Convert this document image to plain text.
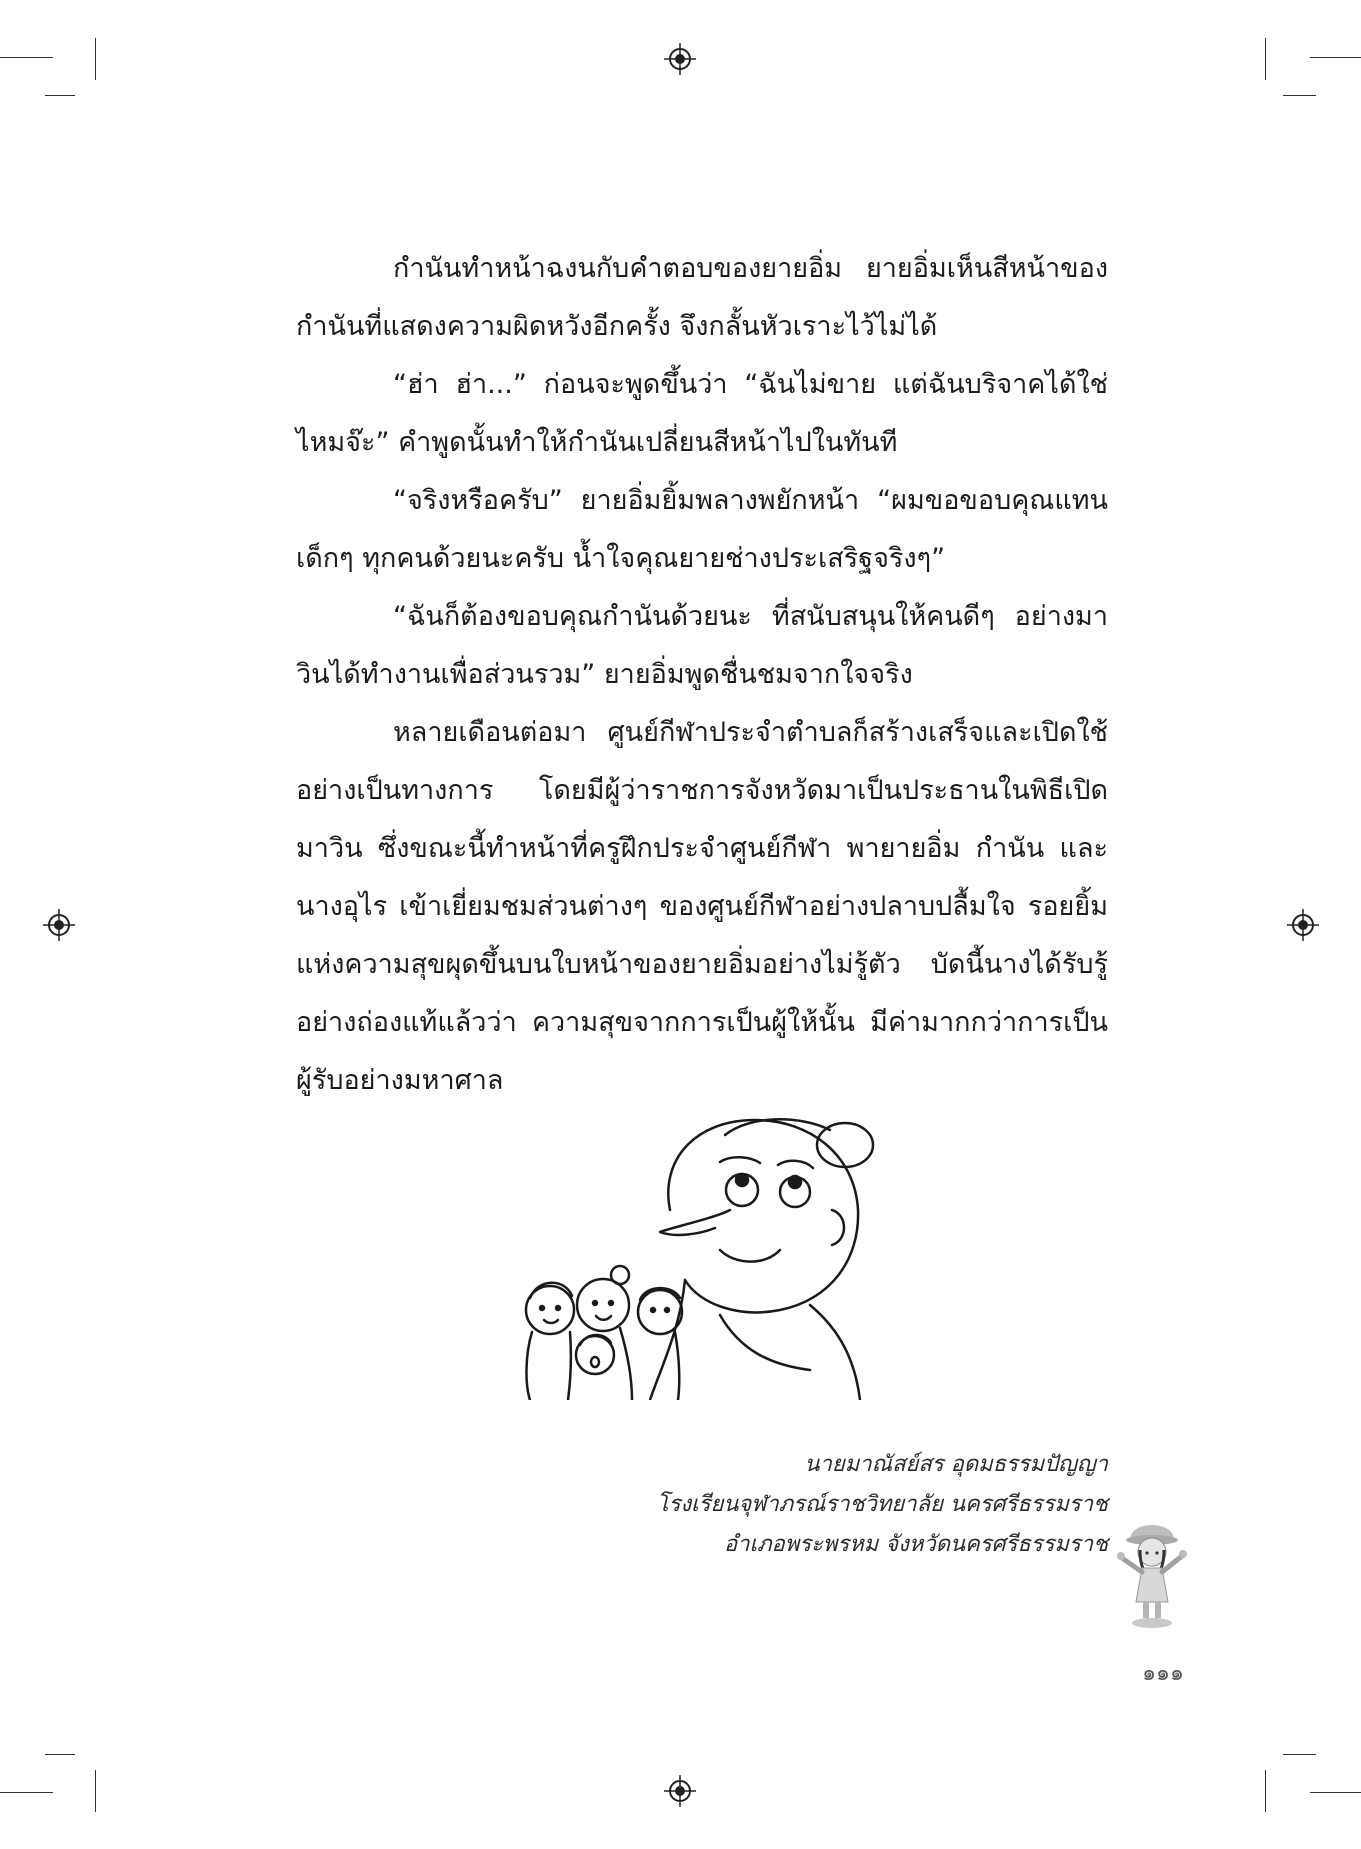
กำนันทำหน้าฉงนกับคำตอบของยายอิ่ม ยายอิ่มเห็นสีหน้าของกำนันที่แสดงความผิดหวังอีกครั้ง จึงกลั้นหัวเราะไว้ไม่ได้

“ฮ่า ฮ่า...” ก่อนจะพูดขึ้นว่า “ฉันไม่ขาย แต่ฉันบริจาคได้ใช่ไหมจ๊ะ” คำพูดนั้นทำให้กำนันเปลี่ยนสีหน้าไปในทันที

“จริงหรือครับ” ยายอิ่มยิ้มพลางพยักหน้า “ผมขอขอบคุณแทนเด็กๆ ทุกคนด้วยนะครับ น้ำใจคุณยายช่างประเสริฐจริงๆ”

“ฉันก็ต้องขอบคุณกำนันด้วยนะ ที่สนับสนุนให้คนดีๆ อย่างมาวินได้ทำงานเพื่อส่วนรวม” ยายอิ่มพูดชื่นชมจากใจจริง

หลายเดือนต่อมา ศูนย์กีฬาประจำตำบลก็สร้างเสร็จและเปิดใช้อย่างเป็นทางการ โดยมีผู้ว่าราชการจังหวัดมาเป็นประธานในพิธีเปิด มาวิน ซึ่งขณะนี้ทำหน้าที่ครูฝึกประจำศูนย์กีฬา พายายอิ่ม กำนัน และนางอุไร เข้าเยี่ยมชมส่วนต่างๆ ของศูนย์กีฬาอย่างปลาบปลื้มใจ รอยยิ้มแห่งความสุขผุดขึ้นบนใบหน้าของยายอิ่มอย่างไม่รู้ตัว บัดนี้นางได้รับรู้อย่างถ่องแท้แล้วว่า ความสุขจากการเป็นผู้ให้นั้น มีค่ามากกว่าการเป็นผู้รับอย่างมหาศาล

นายมาณัสย์สร อุดมธรรมปัญญา
โรงเรียนจุฬาภรณ์ราชวิทยาลัย นครศรีธรรมราช
อำเภอพระพรหม จังหวัดนครศรีธรรมราช
๑๑๑
